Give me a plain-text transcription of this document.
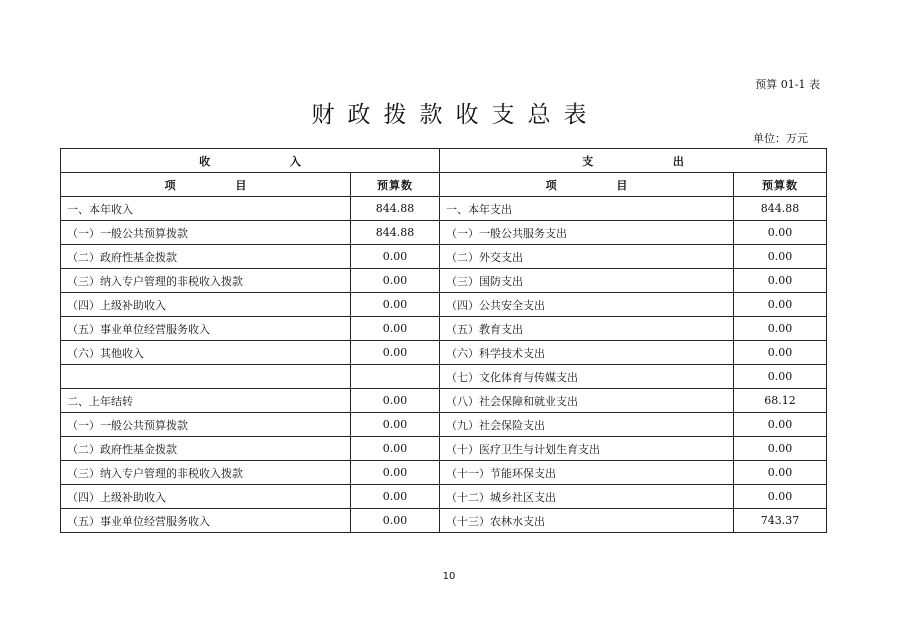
预算 01-1 表
财政拨款收支总表
单位：万元
收 入		支 出	
项 目	预算数	项 目	预算数
一、本年收入	844.88	一、本年支出	844.88
（一）一般公共预算拨款	844.88	（一）一般公共服务支出	0.00
（二）政府性基金拨款	0.00	（二）外交支出	0.00
（三）纳入专户管理的非税收入拨款	0.00	（三）国防支出	0.00
（四）上级补助收入	0.00	（四）公共安全支出	0.00
（五）事业单位经营服务收入	0.00	（五）教育支出	0.00
（六）其他收入	0.00	（六）科学技术支出	0.00
		（七）文化体育与传媒支出	0.00
二、上年结转	0.00	（八）社会保障和就业支出	68.12
（一）一般公共预算拨款	0.00	（九）社会保险支出	0.00
（二）政府性基金拨款	0.00	（十）医疗卫生与计划生育支出	0.00
（三）纳入专户管理的非税收入拨款	0.00	（十一）节能环保支出	0.00
（四）上级补助收入	0.00	（十二）城乡社区支出	0.00
（五）事业单位经营服务收入	0.00	（十三）农林水支出	743.37
10
